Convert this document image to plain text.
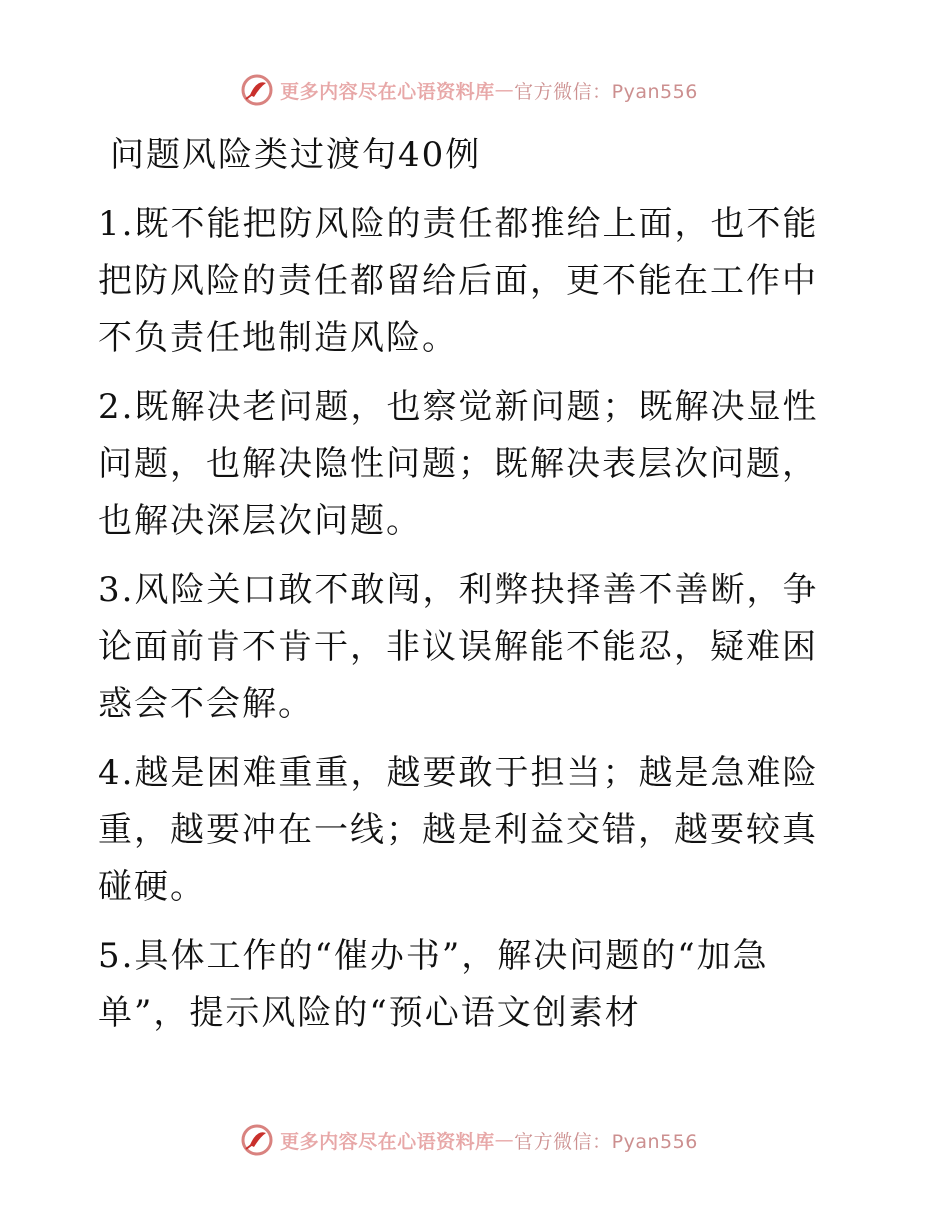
更多内容尽在心语资料库 — 官方微信：Pyan556
问题风险类过渡句40例
1.既不能把防风险的责任都推给上面，也不能把防风险的责任都留给后面，更不能在工作中不负责任地制造风险。
2.既解决老问题，也察觉新问题；既解决显性问题，也解决隐性问题；既解决表层次问题，也解决深层次问题。
3.风险关口敢不敢闯，利弊抉择善不善断，争论面前肯不肯干，非议误解能不能忍，疑难困惑会不会解。
4.越是困难重重，越要敢于担当；越是急难险重，越要冲在一线；越是利益交错，越要较真碰硬。
5.具体工作的“催办书”，解决问题的“加急单”，提示风险的“预心语文创素材
更多内容尽在心语资料库 — 官方微信：Pyan556
